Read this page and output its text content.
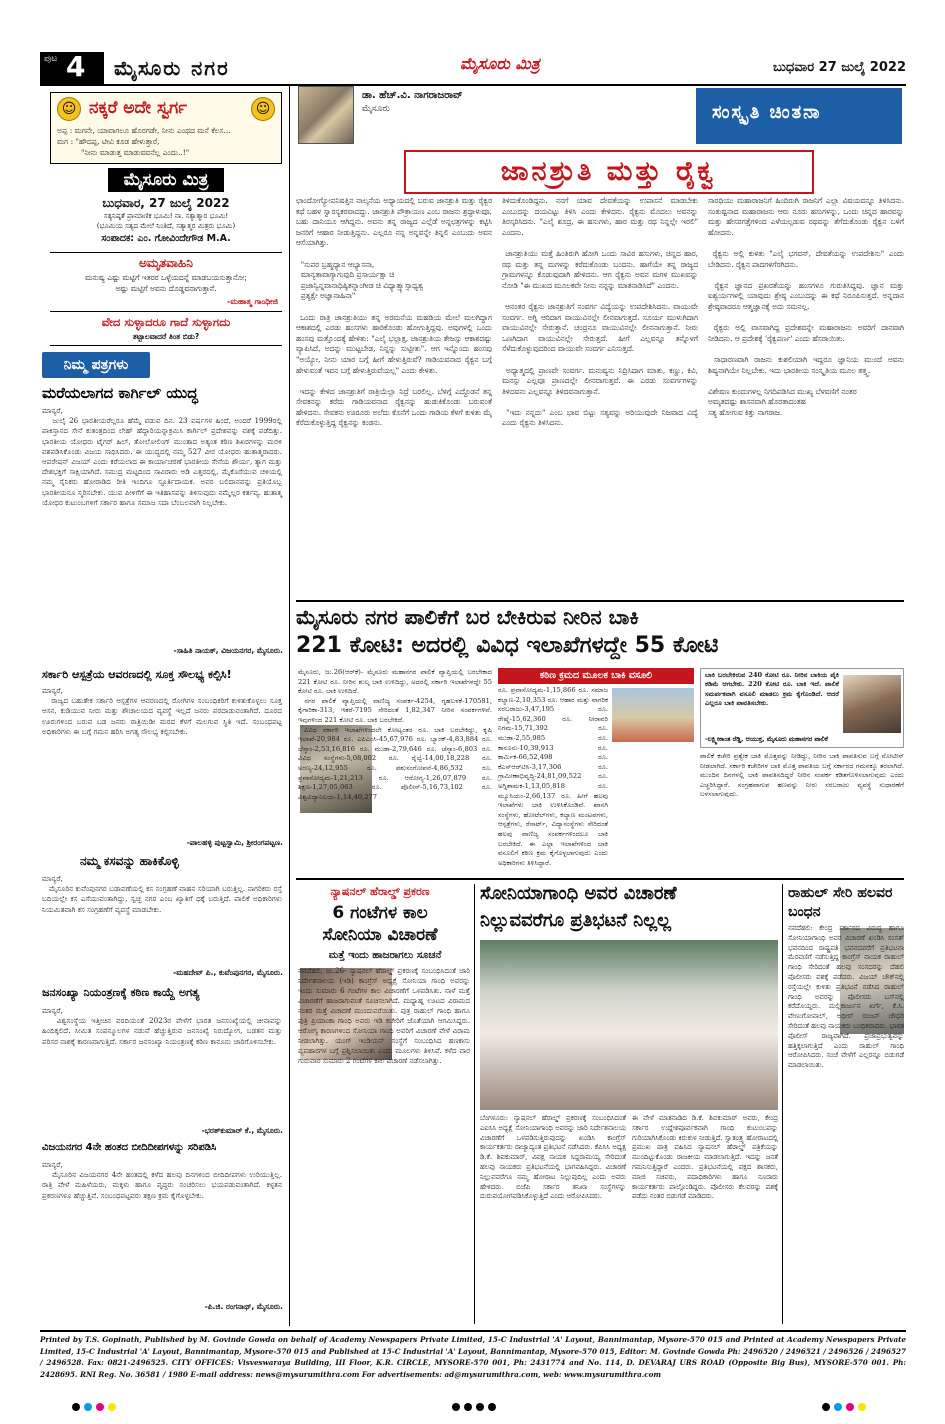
ಪುಟ 4 ಮೈಸೂರು ನಗರ	ಮೈಸೂರು ಮಿತ್ರ	ಬುಧವಾರ 27 ಜುಲೈ 2022
☺ ನಕ್ಕರೆ ಅದೇ ಸ್ವರ್ಗ	☺
ಅಪ್ಪ : ಮಗನೇ, ಯಾವಾಗಲೂ ಹೊರಗಡೇ, ನೀನು ಎಂಥದ ಮನೆ ಕೆಲಸ...
ಮಗ : "ಹೌದಪ್ಪ, ಟೀವಿ ಕೂಡ ಹೇಳುತ್ತಾರೆ,
"ನೀನು ಮಾಡುತ್ತ ಮಾಡುವವನೆಲ್ಲ ಎಂದು..!"
ಮೈಸೂರು ಮಿತ್ರ
ಬುಧವಾರ, 27 ಜುಲೈ 2022
ಸತ್ಯನಿಷ್ಠತೆ ಪ್ರಾಮಾಣಿಕ ಭೂಮಿ! ನಾ. ಸತ್ಯಾತ್ಮಾರ ಭೂಮಿ!
(ಭೂಮಿಯ ಸತ್ಯದ ಮೇಲೆ ನಿಂತಿದೆ, ಸತ್ಯಾತ್ಮರ ಮಿತ್ರರು ಭೂಮಿ)
ಸಂಪಾದಕ: ಎಂ. ಗೋವಿಂದೇಗೌಡ M.A.
ಅಮೃತವಾಹಿನಿ
ಮನುಷ್ಯ ಎಷ್ಟು ಮಟ್ಟಿಗೆ ಇತರರ ಒಳ್ಳೆಯದನ್ನೆ ಮಾಡಬಯಸುತ್ತಾನೋ;
ಅಷ್ಟು ಮಟ್ಟಿಗೆ ಅವನು ದೊಡ್ಡವನಾಗುತ್ತಾನೆ.
-ಮಹಾತ್ಮ ಗಾಂಧೀಜಿ
ವೇದ ಸುಳ್ಳಾದರೂ ಗಾದೆ ಸುಳ್ಳಾಗದು
ತಟ್ಟಾಲವಾದರೆ ತಿಂತ ಬಿಡು?
ನಿಮ್ಮ ಪತ್ರಗಳು
ಮರೆಯಲಾಗದ ಕಾರ್ಗಿಲ್‌ ಯುದ್ಧ
ಮಾನ್ಯರೆ,
ಜುಲೈ 26 ಭಾರತೀಯರೆಲ್ಲರೂ ಹೆಮ್ಮೆ ಪಡುವ ದಿನ. 23 ವರ್ಷಗಳ ಹಿಂದೆ, ಅಂದರೆ 1999ರಲ್ಲಿ ಪಾಕಿಸ್ತಾನದ ಸೇನೆ ಕುತಂತ್ರದಿಂದ ಲೇಹ್ ಹೆದ್ದಾರಿಯನ್ನಾಕ್ರಮಿಸಿ ಕಾರ್ಗಿಲ್‌ ಪ್ರದೇಶವನ್ನು ವಶಕ್ಕೆ ಪಡೆದಿತ್ತು. ಭಾರತೀಯ ಯೋಧರು ಟೈಗರ್ ಹಿಲ್, ತೋಲೋಲಿಂಗ್ ಮುಂತಾದ ಅತ್ಯಂತ ಕಠಿಣ ಶಿಖರಗಳನ್ನು ಮರಳಿ ವಶಪಡಿಸಿಕೊಂಡು ವಿಜಯ ಸಾಧಿಸಿದರು. ಈ ಯುದ್ಧದಲ್ಲಿ ನಮ್ಮ 527 ವೀರ ಯೋಧರು ಹುತಾತ್ಮರಾದರು. ಆಪರೇಷನ್ ವಿಜಯ್ ಎಂದು ಕರೆಯಲಾದ ಈ ಕಾರ್ಯಾಚರಣೆ ಭಾರತೀಯ ಸೇನೆಯ ಶೌರ್ಯ, ತ್ಯಾಗ ಮತ್ತು ದೇಶಭಕ್ತಿಗೆ ಸಾಕ್ಷಿಯಾಗಿದೆ. ಸಮುದ್ರ ಮಟ್ಟದಿಂದ ಸಾವಿರಾರು ಅಡಿ ಎತ್ತರದಲ್ಲಿ, ಮೈಕೊರೆಯುವ ಚಳಿಯಲ್ಲಿ ನಮ್ಮ ಸೈನಿಕರು ಹೋರಾಡಿದ ರೀತಿ ಇಂದಿಗೂ ಸ್ಫೂರ್ತಿದಾಯಕ. ಅವರ ಬಲಿದಾನವನ್ನು ಪ್ರತಿಯೊಬ್ಬ ಭಾರತೀಯನೂ ಸ್ಮರಿಸಬೇಕು. ಯುವ ಪೀಳಿಗೆಗೆ ಈ ಇತಿಹಾಸವನ್ನು ತಿಳಿಸುವುದು ನಮ್ಮೆಲ್ಲರ ಕರ್ತವ್ಯ. ಹುತಾತ್ಮ ಯೋಧರ ಕುಟುಂಬಗಳಿಗೆ ಸರ್ಕಾರ ಹಾಗೂ ಸಮಾಜ ಸದಾ ಬೆಂಬಲವಾಗಿ ನಿಲ್ಲಬೇಕು.
-ಸಾಹಿತಿ ನಾಯಕ್, ವಿಜಯನಗರ, ಮೈಸೂರು.
ಸರ್ಕಾರಿ ಆಸ್ಪತ್ರೆಯ ಆವರಣದಲ್ಲಿ ಸೂಕ್ತ ಸೌಲಭ್ಯ ಕಲ್ಪಿಸಿ!
ಮಾನ್ಯರೆ,
ರಾಜ್ಯದ ಬಹುತೇಕ ಸರ್ಕಾರಿ ಆಸ್ಪತ್ರೆಗಳ ಆವರಣದಲ್ಲಿ ರೋಗಿಗಳ ಸಂಬಂಧಿಕರಿಗೆ ಕುಳಿತುಕೊಳ್ಳಲು ಸೂಕ್ತ ಆಸನ, ಕುಡಿಯುವ ನೀರು ಮತ್ತು ಶೌಚಾಲಯದ ವ್ಯವಸ್ಥೆ ಇಲ್ಲದೆ ಜನರು ಪರದಾಡುವಂತಾಗಿದೆ. ದೂರದ ಊರುಗಳಿಂದ ಬರುವ ಬಡ ಜನರು ರಾತ್ರಿಯಿಡೀ ಮರದ ಕೆಳಗೆ ಮಲಗುವ ಸ್ಥಿತಿ ಇದೆ. ಸಂಬಂಧಪಟ್ಟ ಅಧಿಕಾರಿಗಳು ಈ ಬಗ್ಗೆ ಗಮನ ಹರಿಸಿ ಅಗತ್ಯ ಸೌಲಭ್ಯ ಕಲ್ಪಿಸಬೇಕು.
-ಪಾಲಹಳ್ಳಿ ಪುಟ್ಟಸ್ವಾಮಿ, ಶ್ರೀರಂಗಪಟ್ಟಣ.
ನಮ್ಮ ಕಸವನ್ನು ಹಾಕಿಕೊಳ್ಳಿ
ಮಾನ್ಯರೆ,
ಮೈಸೂರಿನ ಕುವೆಂಪುನಗರ ಬಡಾವಣೆಯಲ್ಲಿ ಕಸ ಸಂಗ್ರಹಣೆ ವಾಹನ ಸರಿಯಾಗಿ ಬರುತ್ತಿಲ್ಲ. ನಾಗರಿಕರು ರಸ್ತೆ ಬದಿಯಲ್ಲೇ ಕಸ ಎಸೆಯುವಂತಾಗಿದ್ದು, ಸ್ವಚ್ಛ ನಗರ ಎಂಬ ಖ್ಯಾತಿಗೆ ಧಕ್ಕೆ ಬರುತ್ತಿದೆ. ಪಾಲಿಕೆ ಅಧಿಕಾರಿಗಳು ನಿಯಮಿತವಾಗಿ ಕಸ ಸಂಗ್ರಹಣೆಗೆ ವ್ಯವಸ್ಥೆ ಮಾಡಬೇಕು.
-ಮಹದೇವ್ ಪಿ., ಕುವೆಂಪುನಗರ, ಮೈಸೂರು.
ಜನಸಂಖ್ಯಾ ನಿಯಂತ್ರಣಕ್ಕೆ ಕಠಿಣ ಕಾಯ್ದೆ ಅಗತ್ಯ
ಮಾನ್ಯರೆ,
ವಿಶ್ವಸಂಸ್ಥೆಯ ಇತ್ತೀಚಿನ ವರದಿಯಂತೆ 2023ರ ವೇಳೆಗೆ ಭಾರತ ಜನಸಂಖ್ಯೆಯಲ್ಲಿ ಚೀನಾವನ್ನು ಹಿಂದಿಕ್ಕಲಿದೆ. ಸೀಮಿತ ಸಂಪನ್ಮೂಲಗಳ ನಡುವೆ ಹೆಚ್ಚುತ್ತಿರುವ ಜನಸಂಖ್ಯೆ ನಿರುದ್ಯೋಗ, ಬಡತನ ಮತ್ತು ಪರಿಸರ ನಾಶಕ್ಕೆ ಕಾರಣವಾಗುತ್ತಿದೆ. ಸರ್ಕಾರ ಜನಸಂಖ್ಯಾ ನಿಯಂತ್ರಣಕ್ಕೆ ಕಠಿಣ ಕಾನೂನು ಜಾರಿಗೊಳಿಸಬೇಕು.
-ಭರತ್‌ಕುಮಾರ್ ಕೆ., ಮೈಸೂರು.
ವಿಜಯನಗರ 4ನೇ ಹಂತದ ಬೀದಿದೀಪಗಳನ್ನು ಸರಿಪಡಿಸಿ
ಮಾನ್ಯರೆ,
ಮೈಸೂರಿನ ವಿಜಯನಗರ 4ನೇ ಹಂತದಲ್ಲಿ ಕಳೆದ ಹಲವು ದಿನಗಳಿಂದ ಬೀದಿದೀಪಗಳು ಉರಿಯುತ್ತಿಲ್ಲ. ರಾತ್ರಿ ವೇಳೆ ಮಹಿಳೆಯರು, ಮಕ್ಕಳು ಹಾಗೂ ವೃದ್ಧರು ಸಂಚರಿಸಲು ಭಯಪಡುವಂತಾಗಿದೆ. ಕಳ್ಳತನ ಪ್ರಕರಣಗಳೂ ಹೆಚ್ಚುತ್ತಿವೆ. ಸಂಬಂಧಪಟ್ಟವರು ತಕ್ಷಣ ಕ್ರಮ ಕೈಗೊಳ್ಳಬೇಕು.
-ಪಿ.ಜಿ. ರಂಗನಾಥ್, ಮೈಸೂರು.
ಡಾ. ಹೆಚ್‌.ವಿ. ನಾಗರಾಜರಾವ್
ಮೈಸೂರು	ಸಂಸ್ಕೃತಿ ಚಿಂತನಾ
ಜಾನಶ್ರುತಿ ಮತ್ತು ರೈಕ್ವ
ಛಾಂದೋಗ್ಯೋಪನಿಷತ್ತಿನ ನಾಲ್ಕನೆಯ ಅಧ್ಯಾಯದಲ್ಲಿ ಬರುವ ಜಾನಶ್ರುತಿ ಮತ್ತು ರೈಕ್ವರ ಕಥೆ ಬಹಳ ಸ್ವಾರಸ್ಯಕರವಾದದ್ದು. ಜಾನಶ್ರುತಿ ಪೌತ್ರಾಯಣ ಎಂಬ ರಾಜನು ಶ್ರದ್ಧಾಳುವೂ, ಬಹು ದಾನಿಯೂ ಆಗಿದ್ದನು. ಅವನು ತನ್ನ ರಾಜ್ಯದ ಎಲ್ಲೆಡೆ ಅನ್ನಛತ್ರಗಳನ್ನು ಕಟ್ಟಿಸಿ ಜನರಿಗೆ ಆಹಾರ ನೀಡುತ್ತಿದ್ದನು. ಎಲ್ಲರೂ ನನ್ನ ಅನ್ನವನ್ನೇ ತಿನ್ನಲಿ ಎಂಬುದು ಅವನ ಆಸೆಯಾಗಿತ್ತು.

"ಸುಪರ ಬ್ರಹ್ಮಧ್ಯಾನ ಆಭ್ಯಾಸನಾ,
ಮಾನ್ಯತಾವಾಗ್ಯಾಗುವುದಿ ಪ್ರಸಾರ್ಯಕ್ಷಾ ಚಿ
ಪ್ರಜಾನ್ವಿನ್ನವಾನಾಧಿಷ್ಠಿತನ್ನಾಂಗೀಡ ಚಿ ವಿಧ್ಯಾತ್ಸ್ಯಾಸ್ಸಾಧ್ಯತ್ವ
ಪ್ರತ್ಯಕ್ಷೇ ಅಜ್ಞಾನಾಹಿನಾ"

ಒಂದು ರಾತ್ರಿ ಜಾನಶ್ರುತಿಯು ತನ್ನ ಅರಮನೆಯ ಮಹಡಿಯ ಮೇಲೆ ಮಲಗಿದ್ದಾಗ ಆಕಾಶದಲ್ಲಿ ಎರಡು ಹಂಸಗಳು ಹಾರಿಕೊಂಡು ಹೋಗುತ್ತಿದ್ದವು. ಅವುಗಳಲ್ಲಿ ಒಂದು ಹಂಸವು ಮತ್ತೊಂದಕ್ಕೆ ಹೇಳಿತು: "ಎಲೈ ಭಲ್ಲಾಕ್ಷ, ಜಾನಶ್ರುತಿಯ ತೇಜಸ್ಸು ಆಕಾಶದಷ್ಟು ವ್ಯಾಪಿಸಿದೆ, ಅದನ್ನು ಮುಟ್ಟಬೇಡ, ನಿನ್ನನ್ನು ಸುಟ್ಟೀತು". ಆಗ ಇನ್ನೊಂದು ಹಂಸವು "ಅಯ್ಯೋ, ನೀನು ಯಾರ ಬಗ್ಗೆ ಹೀಗೆ ಹೇಳುತ್ತಿರುವೆ? ಗಾಡಿಯವನಾದ ರೈಕ್ವನ ಬಗ್ಗೆ ಹೇಳುವಂತೆ ಇವನ ಬಗ್ಗೆ ಹೇಳುತ್ತಿರುವೆಯಲ್ಲ" ಎಂದು ಕೇಳಿತು.

ಇದನ್ನು ಕೇಳಿದ ಜಾನಶ್ರುತಿಗೆ ರಾತ್ರಿಯೆಲ್ಲಾ ನಿದ್ರೆ ಬರಲಿಲ್ಲ. ಬೆಳಿಗ್ಗೆ ಎದ್ದೊಡನೆ ತನ್ನ ಸೇವಕನನ್ನು ಕರೆದು ಗಾಡಿಯವನಾದ ರೈಕ್ವನನ್ನು ಹುಡುಕಿಕೊಂಡು ಬರುವಂತೆ ಹೇಳಿದನು. ಸೇವಕನು ಊರೂರು ಅಲೆದು ಕೊನೆಗೆ ಒಂದು ಗಾಡಿಯ ಕೆಳಗೆ ಕುಳಿತು ಮೈ ಕೆರೆದುಕೊಳ್ಳುತ್ತಿದ್ದ ರೈಕ್ವನನ್ನು ಕಂಡನು.
ತಿಳಿದುಕೊಂಡಿದ್ದನು. ನನಗೆ ಯಾವ ದೇವತೆಯನ್ನು ಉಪಾಸನೆ ಮಾಡಬೇಕು ಎಂಬುದನ್ನು ದಯವಿಟ್ಟು ತಿಳಿಸಿ ಎಂದು ಕೇಳಿದನು. ರೈಕ್ವನು ಮೊದಲು ಅವನನ್ನು ತಿರಸ್ಕರಿಸಿದನು. "ಎಲೈ ಶೂದ್ರ, ಈ ಹಸುಗಳು, ಹಾರ ಮತ್ತು ರಥ ನಿನ್ನಲ್ಲೇ ಇರಲಿ" ಎಂದನು.

ಜಾನಶ್ರುತಿಯು ಮತ್ತೆ ಹಿಂತಿರುಗಿ ಹೋಗಿ ಒಂದು ಸಾವಿರ ಹಸುಗಳು, ಚಿನ್ನದ ಹಾರ, ರಥ ಮತ್ತು ತನ್ನ ಮಗಳನ್ನು ಕರೆದುಕೊಂಡು ಬಂದನು. ಹಾಗೆಯೇ ತನ್ನ ರಾಜ್ಯದ ಗ್ರಾಮಗಳನ್ನೂ ಕೊಡುವುದಾಗಿ ಹೇಳಿದನು. ಆಗ ರೈಕ್ವನು ಅವನ ಮಗಳ ಮುಖವನ್ನು ನೋಡಿ "ಈ ಮುಖದ ಮೂಲಕವೇ ನೀನು ನನ್ನನ್ನು ಮಾತನಾಡಿಸಿದೆ" ಎಂದನು.

ಆನಂತರ ರೈಕ್ವನು ಜಾನಶ್ರುತಿಗೆ ಸಂವರ್ಗ ವಿದ್ಯೆಯನ್ನು ಉಪದೇಶಿಸಿದನು. ವಾಯುವೇ ಸಂವರ್ಗ. ಅಗ್ನಿ ಆರಿದಾಗ ವಾಯುವಿನಲ್ಲೇ ಲೀನವಾಗುತ್ತದೆ. ಸೂರ್ಯ ಮುಳುಗಿದಾಗ ವಾಯುವಿನಲ್ಲೇ ಸೇರುತ್ತಾನೆ. ಚಂದ್ರನೂ ವಾಯುವಿನಲ್ಲೇ ಲೀನನಾಗುತ್ತಾನೆ. ನೀರು ಒಣಗಿದಾಗ ವಾಯುವಿನಲ್ಲೇ ಸೇರುತ್ತದೆ. ಹೀಗೆ ಎಲ್ಲವನ್ನೂ ತನ್ನೊಳಗೆ ಸೆಳೆದುಕೊಳ್ಳುವುದರಿಂದ ವಾಯುವೇ ಸಂವರ್ಗ ಎನಿಸುತ್ತದೆ.

ಅಧ್ಯಾತ್ಮದಲ್ಲಿ ಪ್ರಾಣವೇ ಸಂವರ್ಗ. ಮನುಷ್ಯನು ನಿದ್ರಿಸಿದಾಗ ಮಾತು, ಕಣ್ಣು, ಕಿವಿ, ಮನಸ್ಸು ಎಲ್ಲವೂ ಪ್ರಾಣದಲ್ಲೇ ಲೀನವಾಗುತ್ತವೆ. ಈ ಎರಡು ಸಂವರ್ಗಗಳನ್ನು ತಿಳಿದವನು ಎಲ್ಲವನ್ನೂ ತಿಳಿದವನಾಗುತ್ತಾನೆ.

"ಇದು ನನ್ನದು" ಎಂಬ ಭಾವ ಬಿಟ್ಟು ಸತ್ಯವನ್ನು ಅರಿಯುವುದೇ ನಿಜವಾದ ವಿದ್ಯೆ ಎಂದು ರೈಕ್ವನು ತಿಳಿಸಿದನು.
ಸಾರಥಿಯು ಮಹಾರಾಜನಿಗೆ ಹಿಂದಿರುಗಿ ರಾಜನಿಗೆ ಎಲ್ಲಾ ವಿಷಯವನ್ನೂ ತಿಳಿಸಿದನು. ಸಂತುಷ್ಟನಾದ ಮಹಾರಾಜನು ಆರು ನೂರು ಹಸುಗಳನ್ನು, ಒಂದು ಚಿನ್ನದ ಹಾರವನ್ನು ಮತ್ತು ಹೇಸರಗತ್ತೆಗಳಿಂದ ಎಳೆಯಲ್ಪಡುವ ರಥವನ್ನು ತೆಗೆದುಕೊಂಡು ರೈಕ್ವನ ಬಳಿಗೆ ಹೋದನು.

ರೈಕ್ವನು ಅಲ್ಲಿ ಕುಳಿತು "ಎಲೈ ಭಗವನ್, ದೇವತೆಯನ್ನು ಉಪದೇಶಿಸು" ಎಂದು ಬೇಡಿದನು. ರೈಕ್ವನ ಪಾದಗಳಿಗೆರಗಿದನು.

ರೈಕ್ವನ ಜ್ಞಾನದ ಪ್ರಖರತೆಯನ್ನು ಹಂಸಗಳೂ ಗುರುತಿಸಿದ್ದವು. ಜ್ಞಾನ ಮತ್ತು ಐಶ್ವರ್ಯಗಳಲ್ಲಿ ಯಾವುದು ಶ್ರೇಷ್ಠ ಎಂಬುದನ್ನು ಈ ಕಥೆ ನಿರೂಪಿಸುತ್ತದೆ. ಅನ್ನದಾನ ಶ್ರೇಷ್ಠವಾದರೂ ಆತ್ಮಜ್ಞಾನಕ್ಕೆ ಅದು ಸಮನಲ್ಲ.

ರೈಕ್ವರು ಅಲ್ಲಿ ವಾಸವಾಗಿದ್ದ ಪ್ರದೇಶವನ್ನೇ ಮಹಾರಾಜನು ಅವರಿಗೆ ದಾನವಾಗಿ ನೀಡಿದನು. ಆ ಪ್ರದೇಶಕ್ಕೆ 'ರೈಕ್ವಪರ್ಣ' ಎಂದು ಹೆಸರಾಯಿತು.

ಸಾಧಾರಣವಾಗಿ ರಾಜನು ಕುಶಲಿಯಾಗಿ ಇದ್ದರೂ ಜ್ಞಾನಿಯ ಮುಂದೆ ಅವನು ಶಿಷ್ಯನಾಗಿಯೇ ನಿಲ್ಲಬೇಕು. ಇದು ಭಾರತೀಯ ಸಂಸ್ಕೃತಿಯ ಮೂಲ ತತ್ತ್ವ.

ವಿಶೇಷಣ ಕುಂದುಗಳಲ್ಲ ನಿಗದಿಪಡಿಸಿದ ಮುಖ್ಯ ಬೆಳವಣಿಗೆ ನಂತರ
ಅಮೃತದಷ್ಟು ಶಾಸನವಾಗಿ ಹೊರತಾದಂತಹ
ಸತ್ಯ ಹೋಗುವ ಕಿತ್ತು ನಾಗರಾಜ.
ಮೈಸೂರು ನಗರ ಪಾಲಿಕೆಗೆ ಬರ ಬೇಕಿರುವ ನೀರಿನ ಬಾಕಿ
221 ಕೋಟಿ: ಅದರಲ್ಲಿ ವಿವಿಧ ಇಲಾಖೆಗಳದ್ದೇ 55 ಕೋಟಿ
ಮೈಸೂರು, ಜು.26(ಆರ್‌ಕೆ)- ಮೈಸೂರು ಮಹಾನಗರ ಪಾಲಿಕೆ ವ್ಯಾಪ್ತಿಯಲ್ಲಿ ಬರಬೇಕಾದ 221 ಕೋಟಿ ರೂ. ನೀರಿನ ಶುಲ್ಕ ಬಾಕಿ ಉಳಿದಿದ್ದು, ಅದರಲ್ಲಿ ಸರ್ಕಾರಿ ಇಲಾಖೆಗಳದ್ದೇ 55 ಕೋಟಿ ರೂ. ಬಾಕಿ ಉಳಿದಿದೆ.
ನಗರ ಪಾಲಿಕೆ ವ್ಯಾಪ್ತಿಯಲ್ಲಿ ವಾಣಿಜ್ಯ ಸಂಪರ್ಕ-4254, ಗೃಹಬಳಕೆ-170581, ಕೈಗಾರಿಕಾ-313, ಇತರೆ-7195 ಸೇರಿದಂತೆ 1,82,347 ನೀರಿನ ಸಂಪರ್ಕಗಳಿವೆ. ಇವುಗಳಿಂದ 221 ಕೋಟಿ ರೂ. ಬಾಕಿ ಬರಬೇಕಿದೆ.
ವಿವಿಧ ಸರ್ಕಾರಿ ಇಲಾಖೆಗಳಿಂದಲೇ ಕೋಟ್ಯಂತರ ರೂ. ಬಾಕಿ ಬರಬೇಕಿದ್ದು, ಕೃಷಿ ಇಲಾಖೆ-20,984 ರೂ. ಎಪಿಎಂಸಿ-45,67,976 ರೂ. ಬ್ಯಾಂಕ್-4,83,884 ರೂ. ಬೆಸ್ಕಾಂ-2,53,16,816 ರೂ. ಮುಡಾ-2,79,646 ರೂ. ಚೆಸ್ಕಾಂ-6,803 ರೂ. ವಿವಿಧ ಸಂಸ್ಥೆಗಳು-5,08,002 ರೂ. ರೈಲ್ವೆ-14,00,18,228 ರೂ. ಅರಣ್ಯ-24,12,955 ರೂ. ಪಶುಸಂಗೋಪನೆ-4,86,532 ರೂ. ಪ್ರವಾಸೋದ್ಯಮ-1,21,213 ರೂ. ಆರೋಗ್ಯ-1,26,07,879 ರೂ. ಶಿಕ್ಷಣ-1,27,05,063 ರೂ. ಪೊಲೀಸ್-5,16,73,102 ರೂ. ವಿಶ್ವವಿದ್ಯಾನಿಲಯ-1,14,40,277
ಕಠಿಣ ಕ್ರಮದ ಮೂಲಕ ಬಾಕಿ ವಸೂಲಿ
ರೂ. ಪ್ರವಾಸೋದ್ಯಮ-1,15,866 ರೂ. ಸಮಾಜ ಕಲ್ಯಾಣ-2,10,353 ರೂ. ಆಹಾರ ಮತ್ತು ನಾಗರಿಕ ಸರಬರಾಜು-3,47,195 ರೂ. ರೇಷ್ಮೆ-15,62,360 ರೂ. ನೀರಾವರಿ ನಿಗಮ-15,71,392 ರೂ. ಮುಡಾ-2,55,985 ರೂ. ಕಾನೂನು-10,39,913 ರೂ. ಕಾರ್ಮಿಕ-66,52,498 ರೂ. ಕೆಎಸ್‌ಆರ್‌ಟಿಸಿ-3,17,306 ರೂ. ಗ್ರಾಮೀಣಾಭಿವೃದ್ಧಿ-24,81,09,522 ರೂ. ಅಗ್ನಿಶಾಮಕ-1,13,05,818 ರೂ. ಮ್ಯೂಸಿಯಂ-2,66,137 ರೂ. ಹೀಗೆ ಹಲವು ಇಲಾಖೆಗಳು ಬಾಕಿ ಉಳಿಸಿಕೊಂಡಿವೆ. ಖಾಸಗಿ ಸಂಸ್ಥೆಗಳು, ಹೋಟೆಲ್‌ಗಳು, ಕಲ್ಯಾಣ ಮಂಟಪಗಳು, ಆಸ್ಪತ್ರೆಗಳು, ರೆಸಾರ್ಟ್‌, ವಿದ್ಯಾಸಂಸ್ಥೆಗಳು ಸೇರಿದಂತೆ ಹಲವು ವಾಣಿಜ್ಯ ಸಂಪರ್ಕಗಳಿಂದಲೂ ಬಾಕಿ ಬರಬೇಕಿದೆ. ಈ ಎಲ್ಲಾ ಇಲಾಖೆಗಳಿಂದ ಬಾಕಿ ವಸೂಲಿಗೆ ಕಠಿಣ ಕ್ರಮ ಕೈಗೊಳ್ಳಲಾಗುವುದು ಎಂದು ಅಧಿಕಾರಿಗಳು ತಿಳಿಸಿದ್ದಾರೆ.
ಬಾಕಿ ಬರಬೇಕಿರುವ 240 ಕೋಟಿ ರೂ. ನೀರಿನ ಬಾಕಿಯ ಪೈಕಿ ಕಡಿಮೆ ಆಗಬೇಕು. 220 ಕೋಟಿ ರೂ. ಬಾಕಿ ಇದೆ. ಪಾಲಿಕೆ ಸಮರ್ಪಕವಾಗಿ ವಸೂಲಿ ಮಾಡಲು ಕ್ರಮ ಕೈಗೊಂಡಿದೆ. ಆದರೆ ಎಲ್ಲರೂ ಬಾಕಿ ಪಾವತಿಸಬೇಕು.
-ಲಕ್ಷ್ಮೀಕಾಂತ ರೆಡ್ಡಿ, ಆಯುಕ್ತ, ಮೈಸೂರು ಮಹಾನಗರ ಪಾಲಿಕೆ
ಪಾಲಿಕೆ ಕಚೇರಿ ಪ್ರತ್ಯೇಕ ಬಾಕಿ ಮೊತ್ತವನ್ನು ನೀಡಿದ್ದು, ನೀರಿನ ಬಾಕಿ ಪಾವತಿಸುವ ಬಗ್ಗೆ ನೋಟೀಸ್ ನೀಡಲಾಗಿದೆ. ಸರ್ಕಾರಿ ಕಚೇರಿಗಳ ಬಾಕಿ ಮೊತ್ತ ಪಾವತಿಯ ಬಗ್ಗೆ ಸರ್ಕಾರದ ಗಮನಕ್ಕೂ ತರಲಾಗಿದೆ. ಮುಂದಿನ ದಿನಗಳಲ್ಲಿ ಬಾಕಿ ಪಾವತಿಸದಿದ್ದರೆ ನೀರಿನ ಸಂಪರ್ಕ ಕಡಿತಗೊಳಿಸಲಾಗುವುದು ಎಂದು ಎಚ್ಚರಿಸಿದ್ದಾರೆ. ಸಂಗ್ರಹವಾಗುವ ಹಣವನ್ನು ನೀರು ಸರಬರಾಜು ವ್ಯವಸ್ಥೆ ಸುಧಾರಣೆಗೆ ಬಳಸಲಾಗುವುದು.
ನ್ಯಾಷನಲ್ ಹೆರಾಲ್ಡ್ ಪ್ರಕರಣ
6 ಗಂಟೆಗಳ ಕಾಲ ಸೋನಿಯಾ ವಿಚಾರಣೆ
ಮತ್ತೆ ಇಂದು ಹಾಜರಾಗಲು ಸೂಚನೆ
ನವದೆಹಲಿ, ಜು.26- ನ್ಯಾಷನಲ್ ಹೆರಾಲ್ಡ್ ಪ್ರಕರಣಕ್ಕೆ ಸಂಬಂಧಿಸಿದಂತೆ ಜಾರಿ ನಿರ್ದೇಶನಾಲಯ (ಇಡಿ) ಕಾಂಗ್ರೆಸ್ ಅಧ್ಯಕ್ಷೆ ಸೋನಿಯಾ ಗಾಂಧಿ ಅವರನ್ನು ಇಂದು ಸುಮಾರು 6 ಗಂಟೆಗಳ ಕಾಲ ವಿಚಾರಣೆಗೆ ಒಳಪಡಿಸಿತು. ನಾಳೆ ಮತ್ತೆ ವಿಚಾರಣೆಗೆ ಹಾಜರಾಗುವಂತೆ ಸೂಚಿಸಲಾಗಿದೆ. ಮಧ್ಯಾಹ್ನ ಊಟದ ವಿರಾಮದ ನಂತರ ಮತ್ತೆ ವಿಚಾರಣೆ ಮುಂದುವರೆಯಿತು. ಪುತ್ರ ರಾಹುಲ್ ಗಾಂಧಿ ಹಾಗೂ ಪುತ್ರಿ ಪ್ರಿಯಾಂಕಾ ಗಾಂಧಿ ಅವರು ಇಡಿ ಕಚೇರಿಗೆ ಜೊತೆಯಾಗಿ ಆಗಮಿಸಿದ್ದರು. ಆರೋಗ್ಯ ಕಾರಣಗಳಿಂದ ಸೋನಿಯಾ ಗಾಂಧಿ ಅವರಿಗೆ ವಿಚಾರಣೆ ವೇಳೆ ವಿರಾಮ ನೀಡಲಾಗಿತ್ತು. ಯಂಗ್ ಇಂಡಿಯನ್ ಸಂಸ್ಥೆಗೆ ಸಂಬಂಧಿಸಿದ ಹಣಕಾಸು ವ್ಯವಹಾರಗಳ ಬಗ್ಗೆ ಪ್ರಶ್ನಿಸಲಾಯಿತು ಎಂದು ಮೂಲಗಳು ತಿಳಿಸಿವೆ. ಕಳೆದ ವಾರ ಗುರುವಾರ ಸುಮಾರು 2 ಗಂಟೆಗಳ ಕಾಲ ವಿಚಾರಣೆ ನಡೆಸಲಾಗಿತ್ತು.
ಸೋನಿಯಾಗಾಂಧಿ ಅವರ ವಿಚಾರಣೆ
ನಿಲ್ಲುವವರೆಗೂ ಪ್ರತಿಭಟನೆ ನಿಲ್ಲಲ್ಲ
ಬೆಂಗಳೂರು: ನ್ಯಾಷನಲ್ ಹೆರಾಲ್ಡ್ ಪ್ರಕರಣಕ್ಕೆ ಸಂಬಂಧಿಸಿದಂತೆ ಎಐಸಿಸಿ ಅಧ್ಯಕ್ಷೆ ಸೋನಿಯಾಗಾಂಧಿ ಅವರನ್ನು ಜಾರಿ ನಿರ್ದೇಶನಾಲಯ ವಿಚಾರಣೆಗೆ ಒಳಪಡಿಸುತ್ತಿರುವುದನ್ನು ಖಂಡಿಸಿ ಕಾಂಗ್ರೆಸ್ ಕಾರ್ಯಕರ್ತರು ರಾಜ್ಯಾದ್ಯಂತ ಪ್ರತಿಭಟನೆ ನಡೆಸಿದರು. ಕೆಪಿಸಿಸಿ ಅಧ್ಯಕ್ಷ ಡಿ.ಕೆ. ಶಿವಕುಮಾರ್, ವಿಪಕ್ಷ ನಾಯಕ ಸಿದ್ದರಾಮಯ್ಯ ಸೇರಿದಂತೆ ಹಲವು ನಾಯಕರು ಪ್ರತಿಭಟನೆಯಲ್ಲಿ ಭಾಗವಹಿಸಿದ್ದರು. ವಿಚಾರಣೆ ನಿಲ್ಲುವವರೆಗೂ ನಮ್ಮ ಹೋರಾಟ ನಿಲ್ಲುವುದಿಲ್ಲ ಎಂದು ಅವರು ಹೇಳಿದರು. ಬಿಜೆಪಿ ಸರ್ಕಾರ ತನಿಖಾ ಸಂಸ್ಥೆಗಳನ್ನು ದುರುಪಯೋಗಪಡಿಸಿಕೊಳ್ಳುತ್ತಿದೆ ಎಂದು ಆರೋಪಿಸಿದರು.
ಈ ವೇಳೆ ಮಾತನಾಡಿದ ಡಿ.ಕೆ. ಶಿವಕುಮಾರ್ ಅವರು, ಕೇಂದ್ರ ಸರ್ಕಾರ ಉದ್ದೇಶಪೂರ್ವಕವಾಗಿ ಗಾಂಧಿ ಕುಟುಂಬವನ್ನು ಗುರಿಯಾಗಿಸಿಕೊಂಡು ಕಿರುಕುಳ ನೀಡುತ್ತಿದೆ. ಸ್ವಾತಂತ್ರ್ಯ ಹೋರಾಟದಲ್ಲಿ ಪ್ರಮುಖ ಪಾತ್ರ ವಹಿಸಿದ ನ್ಯಾಷನಲ್ ಹೆರಾಲ್ಡ್ ಪತ್ರಿಕೆಯನ್ನು ಮುಂದಿಟ್ಟುಕೊಂಡು ರಾಜಕೀಯ ಮಾಡಲಾಗುತ್ತಿದೆ. ಇದನ್ನು ಜನತೆ ಗಮನಿಸುತ್ತಿದ್ದಾರೆ ಎಂದರು. ಪ್ರತಿಭಟನೆಯಲ್ಲಿ ಪಕ್ಷದ ಶಾಸಕರು, ಮಾಜಿ ಸಚಿವರು, ಪದಾಧಿಕಾರಿಗಳು ಹಾಗೂ ನೂರಾರು ಕಾರ್ಯಕರ್ತರು ಪಾಲ್ಗೊಂಡಿದ್ದರು. ಪೊಲೀಸರು ಕೆಲವರನ್ನು ವಶಕ್ಕೆ ಪಡೆದು ನಂತರ ಬಿಡುಗಡೆ ಮಾಡಿದರು.
ರಾಹುಲ್ ಸೇರಿ ಹಲವರ ಬಂಧನ
ನವದೆಹಲಿ: ಕೇಂದ್ರ ಸರ್ಕಾರದ ವಿರುದ್ಧ ಹಾಗೂ ಸೋನಿಯಾಗಾಂಧಿ ಅವರ ವಿಚಾರಣೆ ಖಂಡಿಸಿ ಸಂಸತ್ ಭವನದಿಂದ ರಾಷ್ಟ್ರಪತಿ ಭವನದವರೆಗೆ ಪ್ರತಿಭಟನಾ ಮೆರವಣಿಗೆ ನಡೆಸುತ್ತಿದ್ದ ಕಾಂಗ್ರೆಸ್ ನಾಯಕ ರಾಹುಲ್‌ ಗಾಂಧಿ ಸೇರಿದಂತೆ ಹಲವು ಸಂಸದರನ್ನು ದೆಹಲಿ ಪೊಲೀಸರು ವಶಕ್ಕೆ ಪಡೆದರು. ವಿಜಯ್ ಚೌಕ್‌ನಲ್ಲಿ ರಸ್ತೆಯಲ್ಲೇ ಕುಳಿತು ಪ್ರತಿಭಟನೆ ನಡೆಸಿದ ರಾಹುಲ್ ಗಾಂಧಿ ಅವರನ್ನು ಪೊಲೀಸರು ಬಸ್‌ನಲ್ಲಿ ಕರೆದೊಯ್ದರು. ಮಲ್ಲಿಕಾರ್ಜುನ ಖರ್ಗೆ, ಕೆ.ಸಿ. ವೇಣುಗೋಪಾಲ್, ಅಧೀರ್ ರಂಜನ್ ಚೌಧರಿ ಸೇರಿದಂತೆ ಹಲವು ನಾಯಕರು ಬಂಧಿತರಾದರು. ಭಾರತ ಪೊಲೀಸ್ ರಾಜ್ಯವಾಗಿದೆ. ಪ್ರಜಾಪ್ರಭುತ್ವವನ್ನು ಹತ್ತಿಕ್ಕಲಾಗುತ್ತಿದೆ ಎಂದು ರಾಹುಲ್ ಗಾಂಧಿ ಆರೋಪಿಸಿದರು. ಸಂಜೆ ವೇಳೆಗೆ ಎಲ್ಲರನ್ನೂ ಬಿಡುಗಡೆ ಮಾಡಲಾಯಿತು.
Printed by T.S. Gopinath, Published by M. Govinde Gowda on behalf of Academy Newspapers Private Limited, 15-C Industrial 'A' Layout, Bannimantap, Mysore-570 015 and Printed at Academy Newspapers Private Limited, 15-C Industrial 'A' Layout, Bannimantap, Mysore-570 015 and Published at 15-C Industrial 'A' Layout, Bannimantap, Mysore-570 015, Editor: M. Govinde Gowda Ph: 2496520 / 2496521 / 2496526 / 2496527 / 2496528. Fax: 0821-2496525. CITY OFFICES: Visveswaraya Building, III Floor, K.R. CIRCLE, MYSORE-570 001, Ph: 2431774 and No. 114, D. DEVARAJ URS ROAD (Opposite Big Bus), MYSORE-570 001. Ph: 2428695. RNI Reg. No. 36581 / 1980 E-mail address: news@mysurumithra.com For advertisements: ad@mysurumithra.com, web: www.mysurumithra.com
